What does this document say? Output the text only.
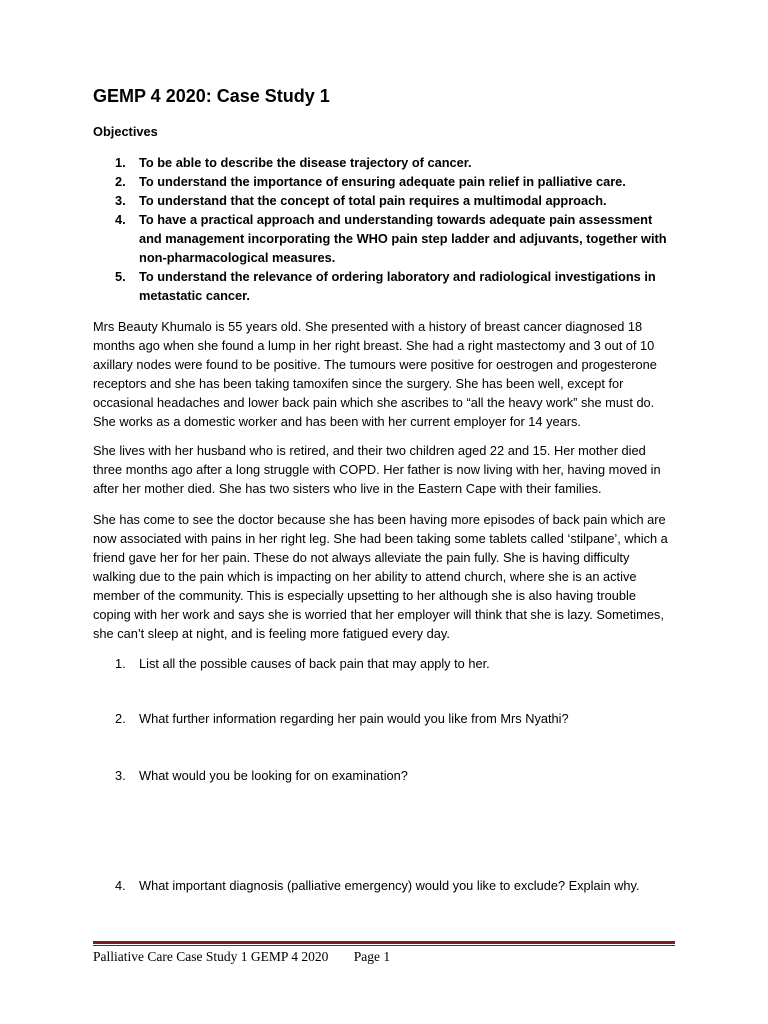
GEMP 4 2020: Case Study 1
Objectives
1. To be able to describe the disease trajectory of cancer.
2. To understand the importance of ensuring adequate pain relief in palliative care.
3. To understand that the concept of total pain requires a multimodal approach.
4. To have a practical approach and understanding towards adequate pain assessment and management incorporating the WHO pain step ladder and adjuvants, together with non-pharmacological measures.
5. To understand the relevance of ordering laboratory and radiological investigations in metastatic cancer.

Mrs Beauty Khumalo is 55 years old. She presented with a history of breast cancer diagnosed 18 months ago when she found a lump in her right breast. She had a right mastectomy and 3 out of 10 axillary nodes were found to be positive. The tumours were positive for oestrogen and progesterone receptors and she has been taking tamoxifen since the surgery. She has been well, except for occasional headaches and lower back pain which she ascribes to “all the heavy work” she must do. She works as a domestic worker and has been with her current employer for 14 years.

She lives with her husband who is retired, and their two children aged 22 and 15. Her mother died three months ago after a long struggle with COPD. Her father is now living with her, having moved in after her mother died. She has two sisters who live in the Eastern Cape with their families.

She has come to see the doctor because she has been having more episodes of back pain which are now associated with pains in her right leg. She had been taking some tablets called ‘stilpane’, which a friend gave her for her pain. These do not always alleviate the pain fully. She is having difficulty walking due to the pain which is impacting on her ability to attend church, where she is an active member of the community. This is especially upsetting to her although she is also having trouble coping with her work and says she is worried that her employer will think that she is lazy. Sometimes, she can’t sleep at night, and is feeling more fatigued every day.

1. List all the possible causes of back pain that may apply to her.
2. What further information regarding her pain would you like from Mrs Nyathi?
3. What would you be looking for on examination?
4. What important diagnosis (palliative emergency) would you like to exclude? Explain why.
Palliative Care Case Study 1 GEMP 4 2020 Page 1
